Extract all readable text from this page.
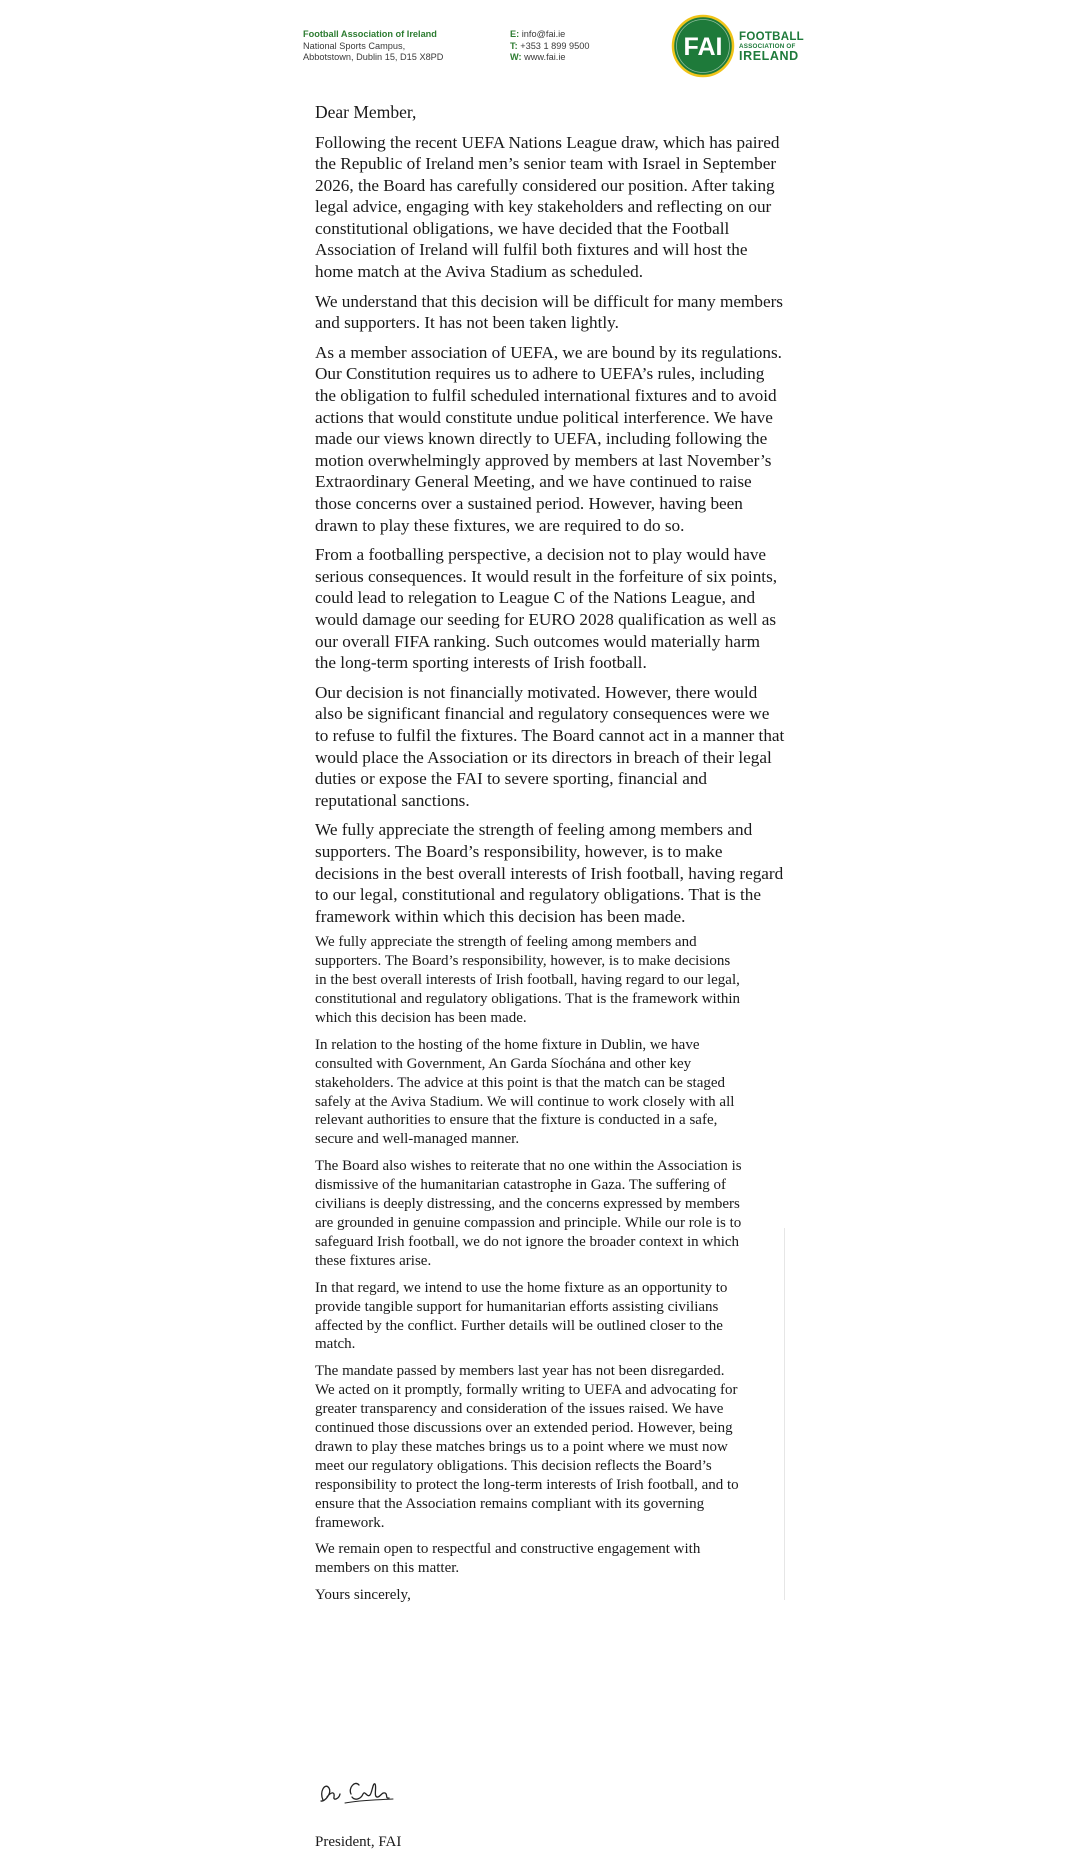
Football Association of Ireland
National Sports Campus,
Abbotstown, Dublin 15, D15 X8PD
E: info@fai.ie
T: +353 1 899 9500
W: www.fai.ie	FAI FOOTBALL
ASSOCIATION OF
IRELAND

Dear Member,

Following the recent UEFA Nations League draw, which has paired the Republic of Ireland men’s senior team with Israel in September 2026, the Board has carefully considered our position. After taking legal advice, engaging with key stakeholders and reflecting on our constitutional obligations, we have decided that the Football Association of Ireland will fulfil both fixtures and will host the home match at the Aviva Stadium as scheduled.

We understand that this decision will be difficult for many members and supporters. It has not been taken lightly.

As a member association of UEFA, we are bound by its regulations. Our Constitution requires us to adhere to UEFA’s rules, including the obligation to fulfil scheduled international fixtures and to avoid actions that would constitute undue political interference. We have made our views known directly to UEFA, including following the motion overwhelmingly approved by members at last November’s Extraordinary General Meeting, and we have continued to raise those concerns over a sustained period. However, having been drawn to play these fixtures, we are required to do so.

From a footballing perspective, a decision not to play would have serious consequences. It would result in the forfeiture of six points, could lead to relegation to League C of the Nations League, and would damage our seeding for EURO 2028 qualification as well as our overall FIFA ranking. Such outcomes would materially harm the long-term sporting interests of Irish football.

Our decision is not financially motivated. However, there would also be significant financial and regulatory consequences were we to refuse to fulfil the fixtures. The Board cannot act in a manner that would place the Association or its directors in breach of their legal duties or expose the FAI to severe sporting, financial and reputational sanctions.

We fully appreciate the strength of feeling among members and supporters. The Board’s responsibility, however, is to make decisions in the best overall interests of Irish football, having regard to our legal, constitutional and regulatory obligations. That is the framework within which this decision has been made.

We fully appreciate the strength of feeling among members and supporters. The Board’s responsibility, however, is to make decisions in the best overall interests of Irish football, having regard to our legal, constitutional and regulatory obligations. That is the framework within which this decision has been made.

In relation to the hosting of the home fixture in Dublin, we have consulted with Government, An Garda Síochána and other key stakeholders. The advice at this point is that the match can be staged safely at the Aviva Stadium. We will continue to work closely with all relevant authorities to ensure that the fixture is conducted in a safe, secure and well-managed manner.

The Board also wishes to reiterate that no one within the Association is dismissive of the humanitarian catastrophe in Gaza. The suffering of civilians is deeply distressing, and the concerns expressed by members are grounded in genuine compassion and principle. While our role is to safeguard Irish football, we do not ignore the broader context in which these fixtures arise.

In that regard, we intend to use the home fixture as an opportunity to provide tangible support for humanitarian efforts assisting civilians affected by the conflict. Further details will be outlined closer to the match.

The mandate passed by members last year has not been disregarded. We acted on it promptly, formally writing to UEFA and advocating for greater transparency and consideration of the issues raised. We have continued those discussions over an extended period. However, being drawn to play these matches brings us to a point where we must now meet our regulatory obligations. This decision reflects the Board’s responsibility to protect the long-term interests of Irish football, and to ensure that the Association remains compliant with its governing framework.

We remain open to respectful and constructive engagement with members on this matter.

Yours sincerely,

President, FAI
